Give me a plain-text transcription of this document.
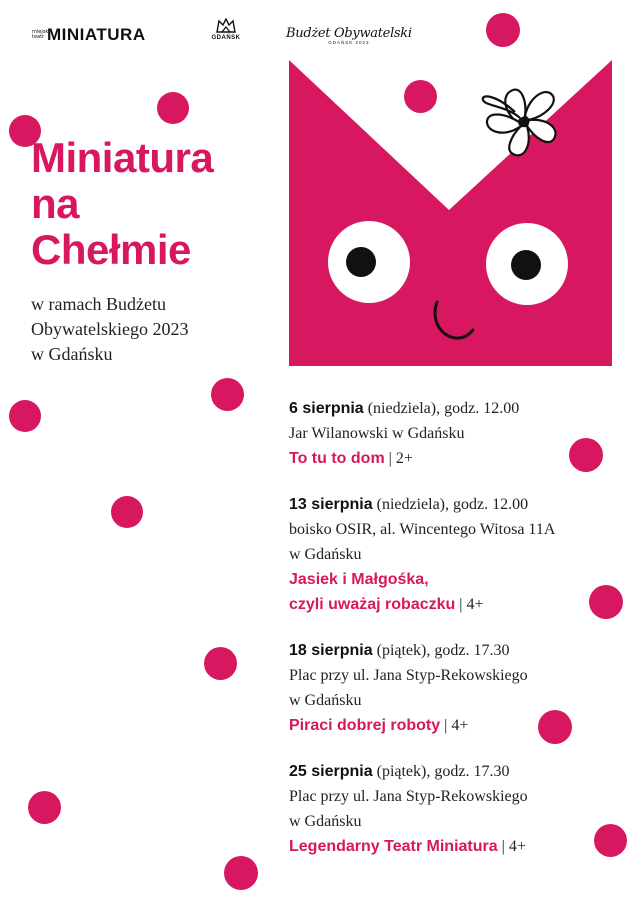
miejski teatr MINIATURA	GDAŃSK	Budżet Obywatelski
GDAŃSK 2023
Miniatura
na
Chełmie
w ramach Budżetu
Obywatelskiego 2023
w Gdańsku
6 sierpnia (niedziela), godz. 12.00
Jar Wilanowski w Gdańsku
To tu to dom | 2+
13 sierpnia (niedziela), godz. 12.00
boisko OSIR, al. Wincentego Witosa 11A
w Gdańsku
Jasiek i Małgośka,
czyli uważaj robaczku | 4+
18 sierpnia (piątek), godz. 17.30
Plac przy ul. Jana Styp-Rekowskiego
w Gdańsku
Piraci dobrej roboty | 4+
25 sierpnia (piątek), godz. 17.30
Plac przy ul. Jana Styp-Rekowskiego
w Gdańsku
Legendarny Teatr Miniatura | 4+
